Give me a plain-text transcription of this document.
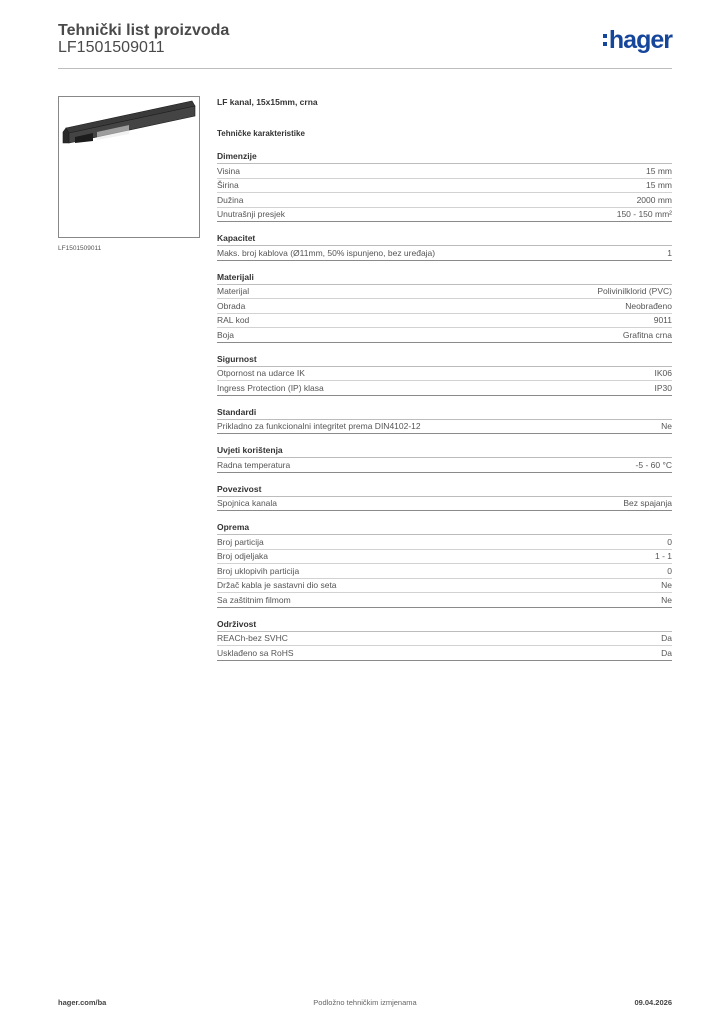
Tehnički list proizvoda
LF1501509011	hager
LF1501509011
LF kanal, 15x15mm, crna
Tehničke karakteristike
Dimenzije
Visina	15 mm
Širina	15 mm
Dužina	2000 mm
Unutrašnji presjek	150 - 150 mm²
Kapacitet
Maks. broj kablova (Ø11mm, 50% ispunjeno, bez uređaja)	1
Materijali
Materijal	Polivinilklorid (PVC)
Obrada	Neobrađeno
RAL kod	9011
Boja	Grafitna crna
Sigurnost
Otpornost na udarce IK	IK06
Ingress Protection (IP) klasa	IP30
Standardi
Prikladno za funkcionalni integritet prema DIN4102-12	Ne
Uvjeti korištenja
Radna temperatura	-5 - 60 °C
Povezivost
Spojnica kanala	Bez spajanja
Oprema
Broj particija	0
Broj odjeljaka	1 - 1
Broj uklopivih particija	0
Držač kabla je sastavni dio seta	Ne
Sa zaštitnim filmom	Ne
Održivost
REACh-bez SVHC	Da
Usklađeno sa RoHS	Da
hager.com/ba	Podložno tehničkim izmjenama	09.04.2026
